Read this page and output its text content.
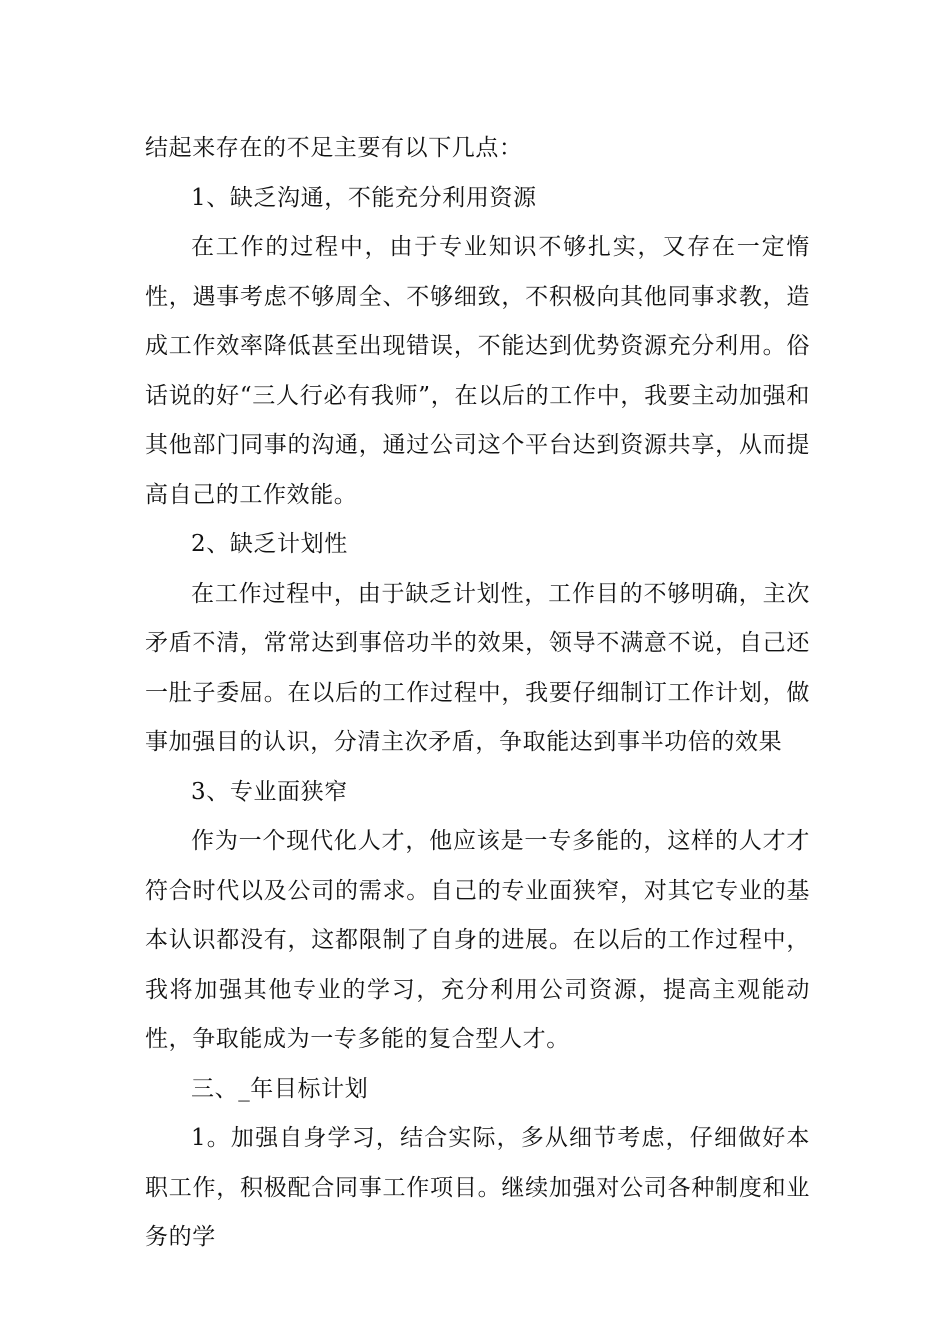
结起来存在的不足主要有以下几点：

1、缺乏沟通，不能充分利用资源

在工作的过程中，由于专业知识不够扎实，又存在一定惰性，遇事考虑不够周全、不够细致，不积极向其他同事求教，造成工作效率降低甚至出现错误，不能达到优势资源充分利用。俗话说的好“三人行必有我师”，在以后的工作中，我要主动加强和其他部门同事的沟通，通过公司这个平台达到资源共享，从而提高自己的工作效能。

2、缺乏计划性

在工作过程中，由于缺乏计划性，工作目的不够明确，主次矛盾不清，常常达到事倍功半的效果，领导不满意不说，自己还一肚子委屈。在以后的工作过程中，我要仔细制订工作计划，做事加强目的认识，分清主次矛盾，争取能达到事半功倍的效果

3、专业面狭窄

作为一个现代化人才，他应该是一专多能的，这样的人才才符合时代以及公司的需求。自己的专业面狭窄，对其它专业的基本认识都没有，这都限制了自身的进展。在以后的工作过程中，我将加强其他专业的学习，充分利用公司资源，提高主观能动性，争取能成为一专多能的复合型人才。

三、_年目标计划

1。加强自身学习，结合实际，多从细节考虑，仔细做好本职工作，积极配合同事工作项目。继续加强对公司各种制度和业务的学
